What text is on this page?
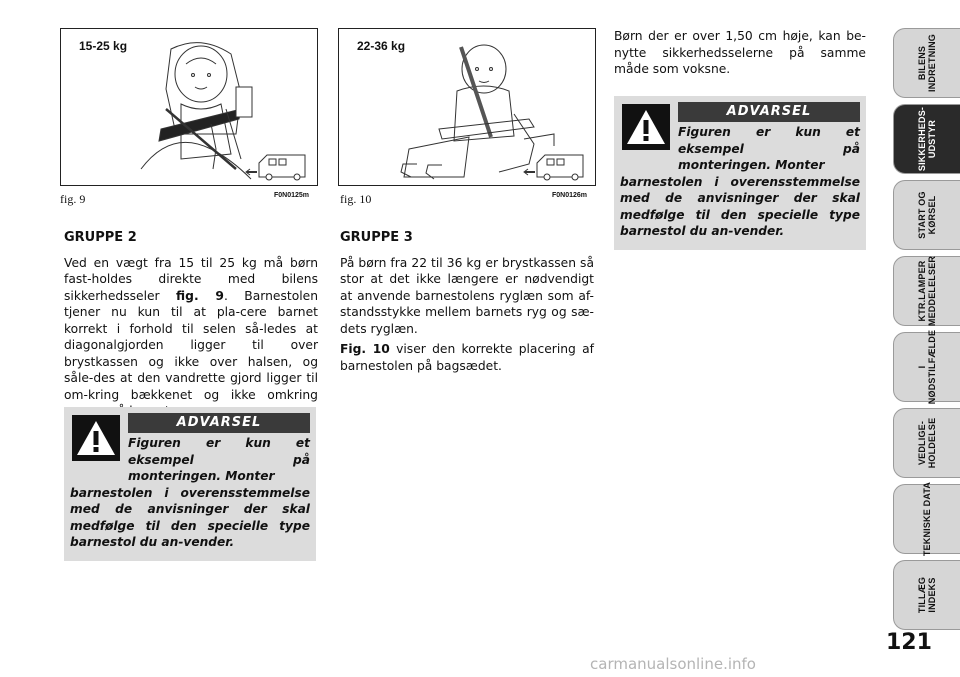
15-25 kg
fig. 9	F0N0125m
22-36 kg
fig. 10	F0N0126m
GRUPPE 2

Ved en vægt fra 15 til 25 kg må børn fast-holdes direkte med bilens sikkerhedsseler fig. 9. Barnestolen tjener nu kun til at pla-cere barnet korrekt i forhold til selen så-ledes at diagonalgjorden ligger til over brystkassen og ikke over halsen, og såle-des at den vandrette gjord ligger til om-kring bækkenet og ikke omkring

ADVARSEL
Figuren er kun et eksempel på monteringen. Monter
barnestolen i overensstemmelse med de anvisninger der skal medfølge til den specielle type barnestol du an-vender.
GRUPPE 3

På børn fra 22 til 36 kg er brystkassen så stor at det ikke længere er nødvendigt at anvende barnestolens ryglæn som af-standsstykke mellem barnets ryg og sæ-dets ryglæn.

Fig. 10 viser den korrekte placering af barnestolen på bagsædet.

Børn der er over 1,50 cm høje, kan be-nytte sikkerhedsselerne på samme måde som voksne.

ADVARSEL
Figuren er kun et eksempel på monteringen. Monter
barnestolen i overensstemmelse med de anvisninger der skal medfølge til den specielle type barnestol du an-vender.
BILENS
INDRETNING
SIKKERHEDS-
UDSTYR
START OG
KØRSEL
KTR.LAMPER
MEDDELELSER
I
NØDSTILFÆLDE
VEDLIGE-
HOLDELSE
TEKNISKE DATA
TILLÆG
INDEKS
121
carmanualsonline.info
